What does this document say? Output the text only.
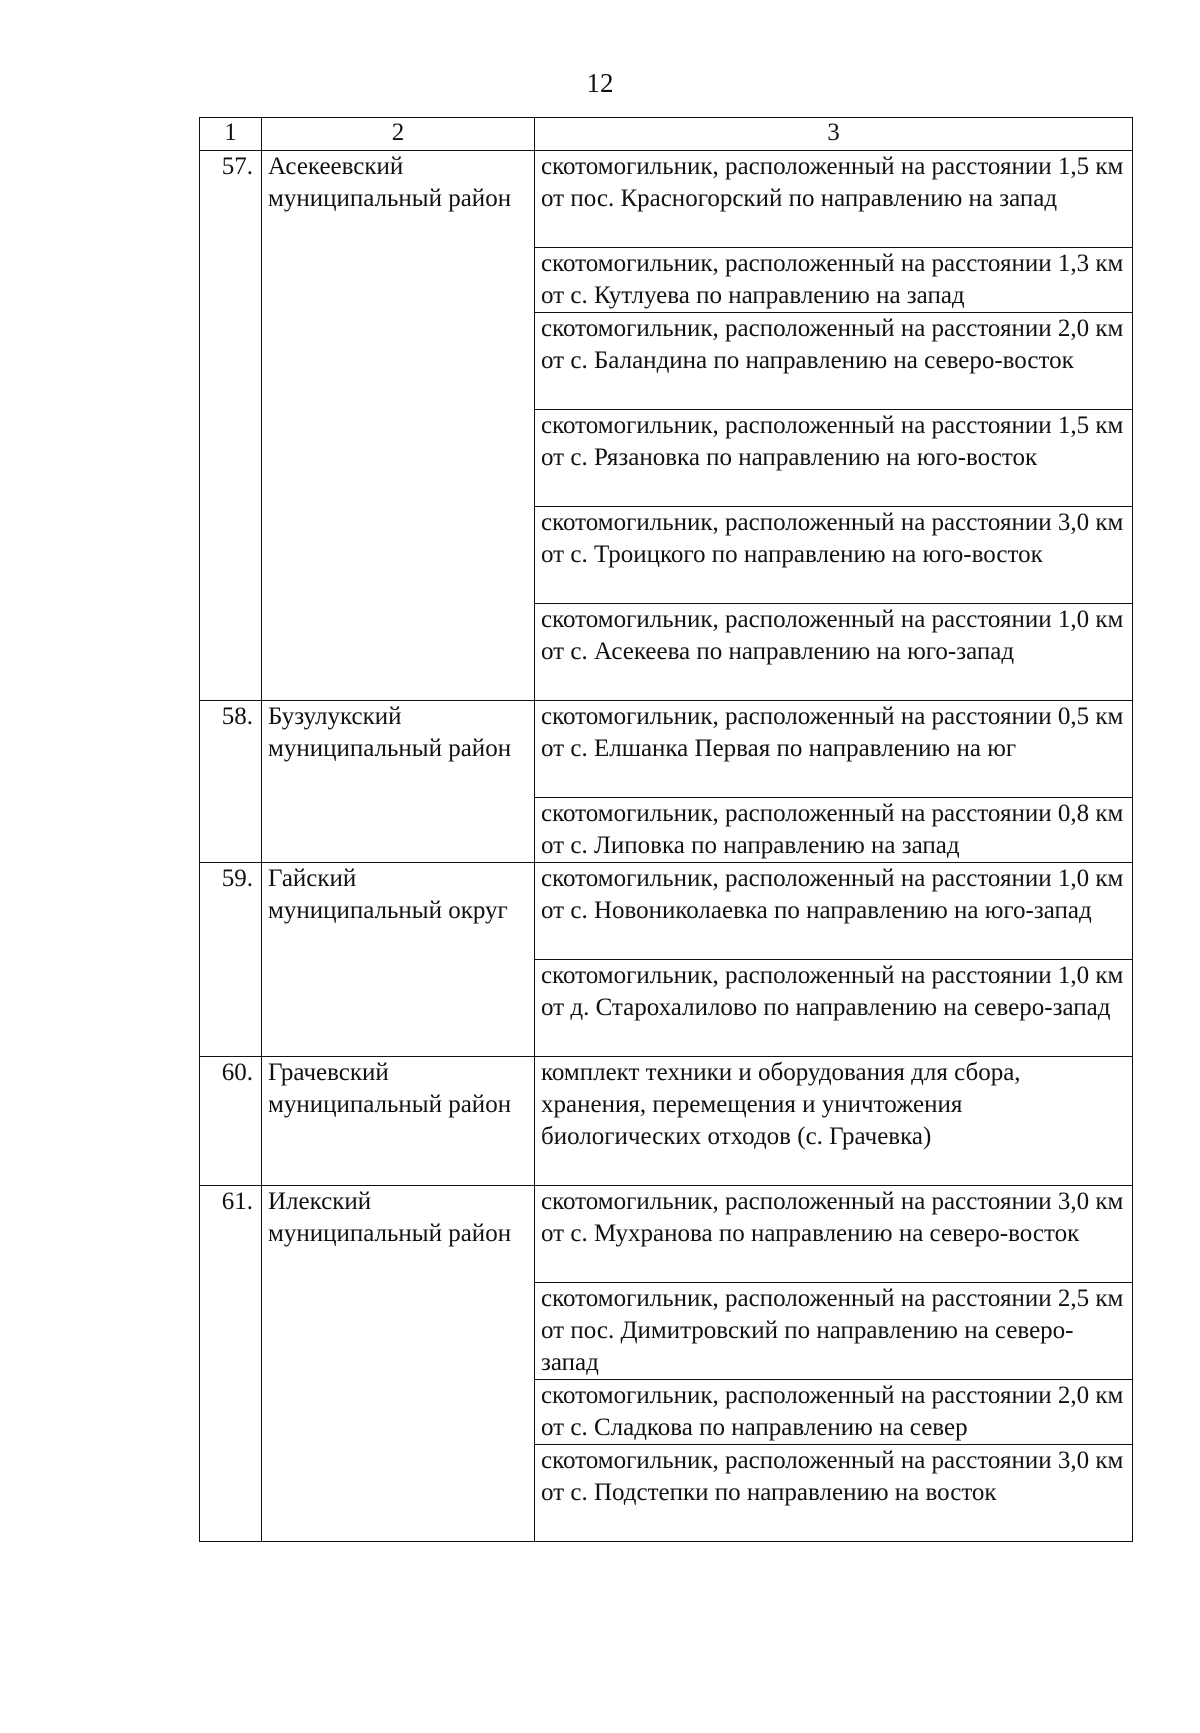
12
1	2	3
57.	Асекеевский муниципальный район	скотомогильник, расположенный на расстоянии 1,5 км от пос. Красногорский по направлению на запад
		скотомогильник, расположенный на расстоянии 1,3 км от с. Кутлуева по направлению на запад
		скотомогильник, расположенный на расстоянии 2,0 км от с. Баландина по направлению на северо-восток
		скотомогильник, расположенный на расстоянии 1,5 км от с. Рязановка по направлению на юго-восток
		скотомогильник, расположенный на расстоянии 3,0 км от с. Троицкого по направлению на юго-восток
		скотомогильник, расположенный на расстоянии 1,0 км от с. Асекеева по направлению на юго-запад
58.	Бузулукский муниципальный район	скотомогильник, расположенный на расстоянии 0,5 км от с. Елшанка Первая по направлению на юг
		скотомогильник, расположенный на расстоянии 0,8 км от с. Липовка по направлению на запад
59.	Гайский муниципальный округ	скотомогильник, расположенный на расстоянии 1,0 км от с. Новониколаевка по направлению на юго-запад
		скотомогильник, расположенный на расстоянии 1,0 км от д. Старохалилово по направлению на северо-запад
60.	Грачевский муниципальный район	комплект техники и оборудования для сбора, хранения, перемещения и уничтожения биологических отходов (с. Грачевка)
61.	Илекский муниципальный район	скотомогильник, расположенный на расстоянии 3,0 км от с. Мухранова по направлению на северо-восток
		скотомогильник, расположенный на расстоянии 2,5 км от пос. Димитровский по направлению на северо-запад
		скотомогильник, расположенный на расстоянии 2,0 км от с. Сладкова по направлению на север
		скотомогильник, расположенный на расстоянии 3,0 км от с. Подстепки по направлению на восток
